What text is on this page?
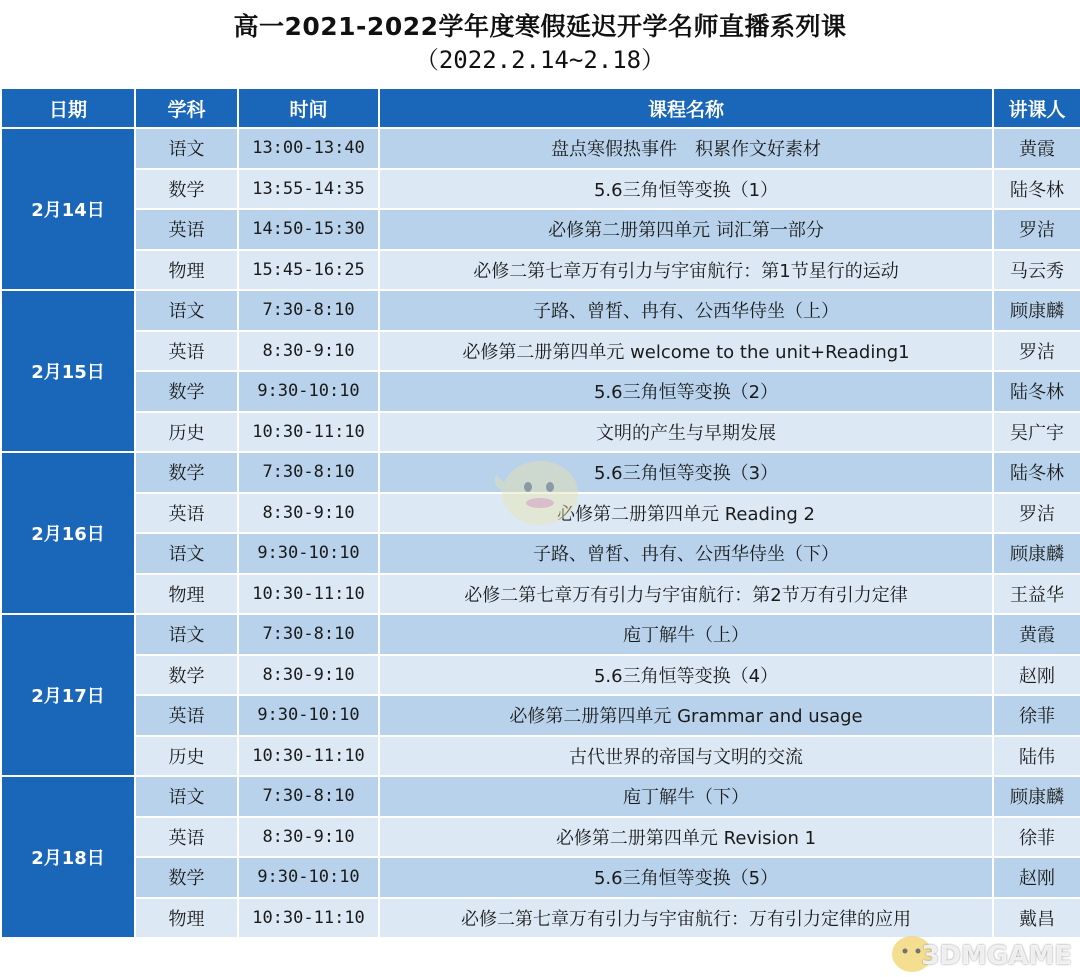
高一2021-2022学年度寒假延迟开学名师直播系列课
（2022.2.14~2.18）
日期	学科	时间	课程名称	讲课人
2月14日	语文	13:00-13:40	盘点寒假热事件　积累作文好素材	黄霞
	数学	13:55-14:35	5.6三角恒等变换（1）	陆冬林
	英语	14:50-15:30	必修第二册第四单元 词汇第一部分	罗洁
	物理	15:45-16:25	必修二第七章万有引力与宇宙航行：第1节星行的运动	马云秀
2月15日	语文	7:30-8:10	子路、曾皙、冉有、公西华侍坐（上）	顾康麟
	英语	8:30-9:10	必修第二册第四单元 welcome to the unit+Reading1	罗洁
	数学	9:30-10:10	5.6三角恒等变换（2）	陆冬林
	历史	10:30-11:10	文明的产生与早期发展	吴广宇
2月16日	数学	7:30-8:10	5.6三角恒等变换（3）	陆冬林
	英语	8:30-9:10	必修第二册第四单元 Reading 2	罗洁
	语文	9:30-10:10	子路、曾皙、冉有、公西华侍坐（下）	顾康麟
	物理	10:30-11:10	必修二第七章万有引力与宇宙航行：第2节万有引力定律	王益华
2月17日	语文	7:30-8:10	庖丁解牛（上）	黄霞
	数学	8:30-9:10	5.6三角恒等变换（4）	赵刚
	英语	9:30-10:10	必修第二册第四单元 Grammar and usage	徐菲
	历史	10:30-11:10	古代世界的帝国与文明的交流	陆伟
2月18日	语文	7:30-8:10	庖丁解牛（下）	顾康麟
	英语	8:30-9:10	必修第二册第四单元 Revision 1	徐菲
	数学	9:30-10:10	5.6三角恒等变换（5）	赵刚
	物理	10:30-11:10	必修二第七章万有引力与宇宙航行：万有引力定律的应用	戴昌
3DMGAME
